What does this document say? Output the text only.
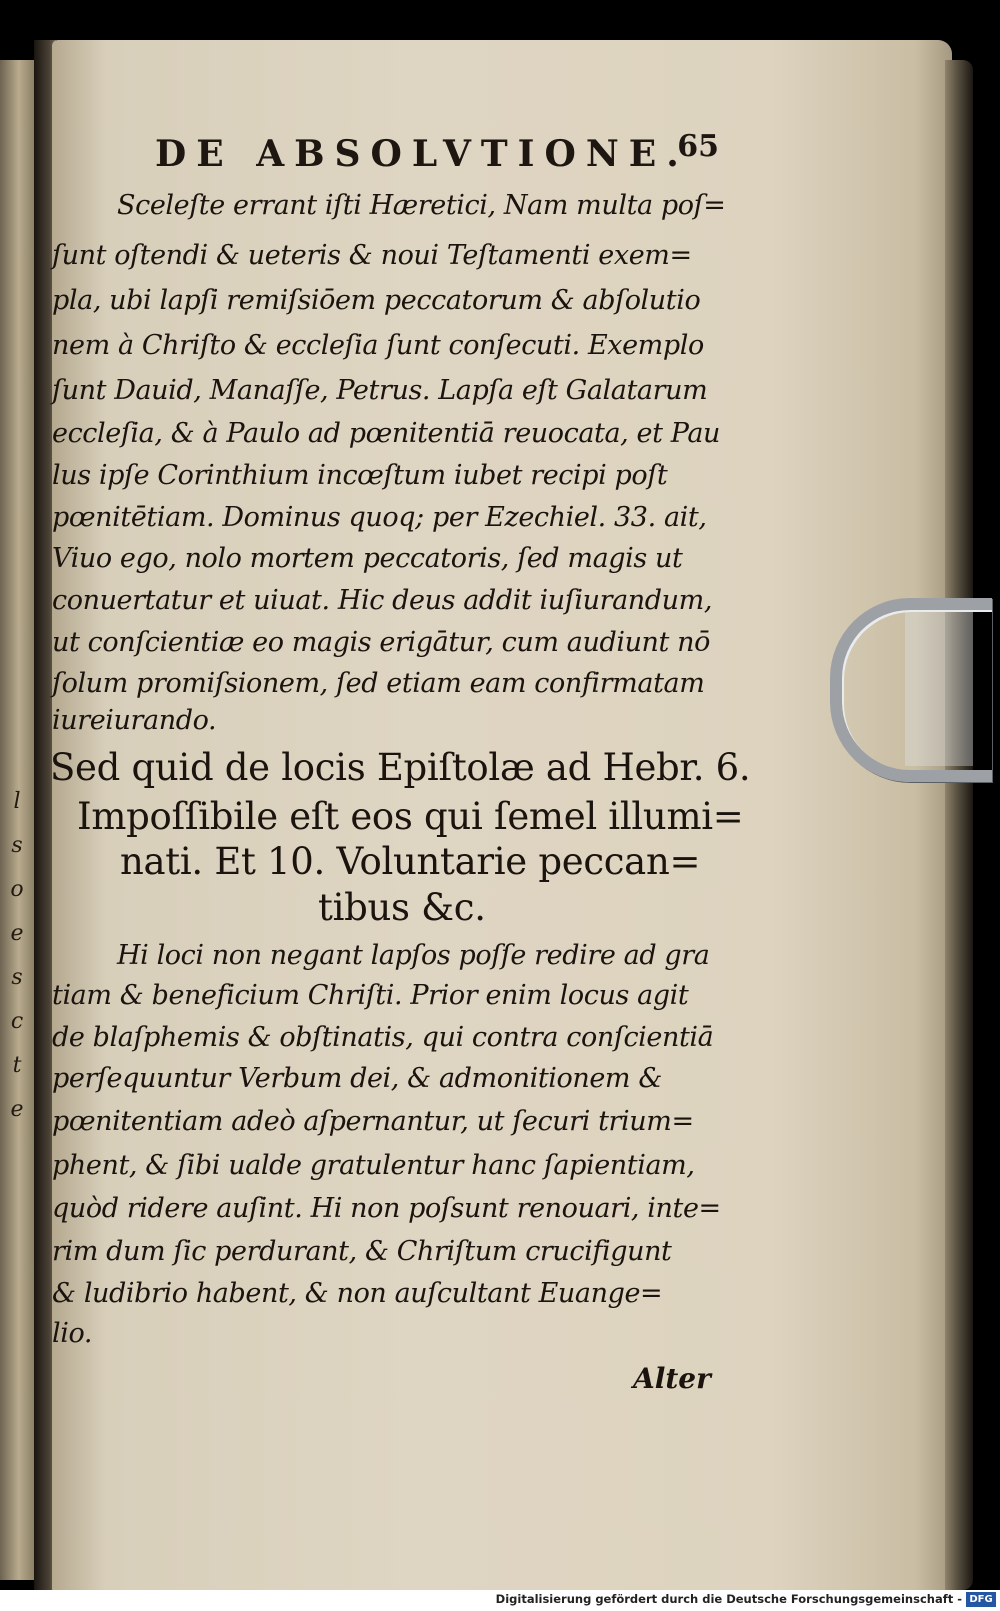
l
s
o
e
s
c
t
e
DE ABSOLVTIONE.
65
Sceleſte errant iſti Hæretici, Nam multa poſ=
ſunt oſtendi & ueteris & noui Teſtamenti exem=
pla, ubi lapſi remiſsiōem peccatorum & abſolutio
nem à Chriſto & eccleſia ſunt conſecuti. Exemplo
ſunt Dauid, Manaſſe, Petrus. Lapſa eſt Galatarum
eccleſia, & à Paulo ad pœnitentiā reuocata, et Pau
lus ipſe Corinthium incœſtum iubet recipi poſt
pœnitētiam. Dominus quoq; per Ezechiel. 33. ait,
Viuo ego, nolo mortem peccatoris, ſed magis ut
conuertatur et uiuat. Hic deus addit iuſiurandum,
ut conſcientiæ eo magis erigātur, cum audiunt nō
ſolum promiſsionem, ſed etiam eam confirmatam
iureiurando.
Sed quid de locis Epiſtolæ ad Hebr. 6.
Impoſſibile eſt eos qui ſemel illumi=
nati. Et 10. Voluntarie peccan=
tibus &c.
Hi loci non negant lapſos poſſe redire ad gra
tiam & beneficium Chriſti. Prior enim locus agit
de blaſphemis & obſtinatis, qui contra conſcientiā
perſequuntur Verbum dei, & admonitionem &
pœnitentiam adeò aſpernantur, ut ſecuri trium=
phent, & ſibi ualde gratulentur hanc ſapientiam,
quòd ridere auſint. Hi non poſsunt renouari, inte=
rim dum ſic perdurant, & Chriſtum crucifigunt
& ludibrio habent, & non auſcultant Euange=
lio.
Alter
Digitalisierung gefördert durch die Deutsche Forschungsgemeinschaft - DFG
